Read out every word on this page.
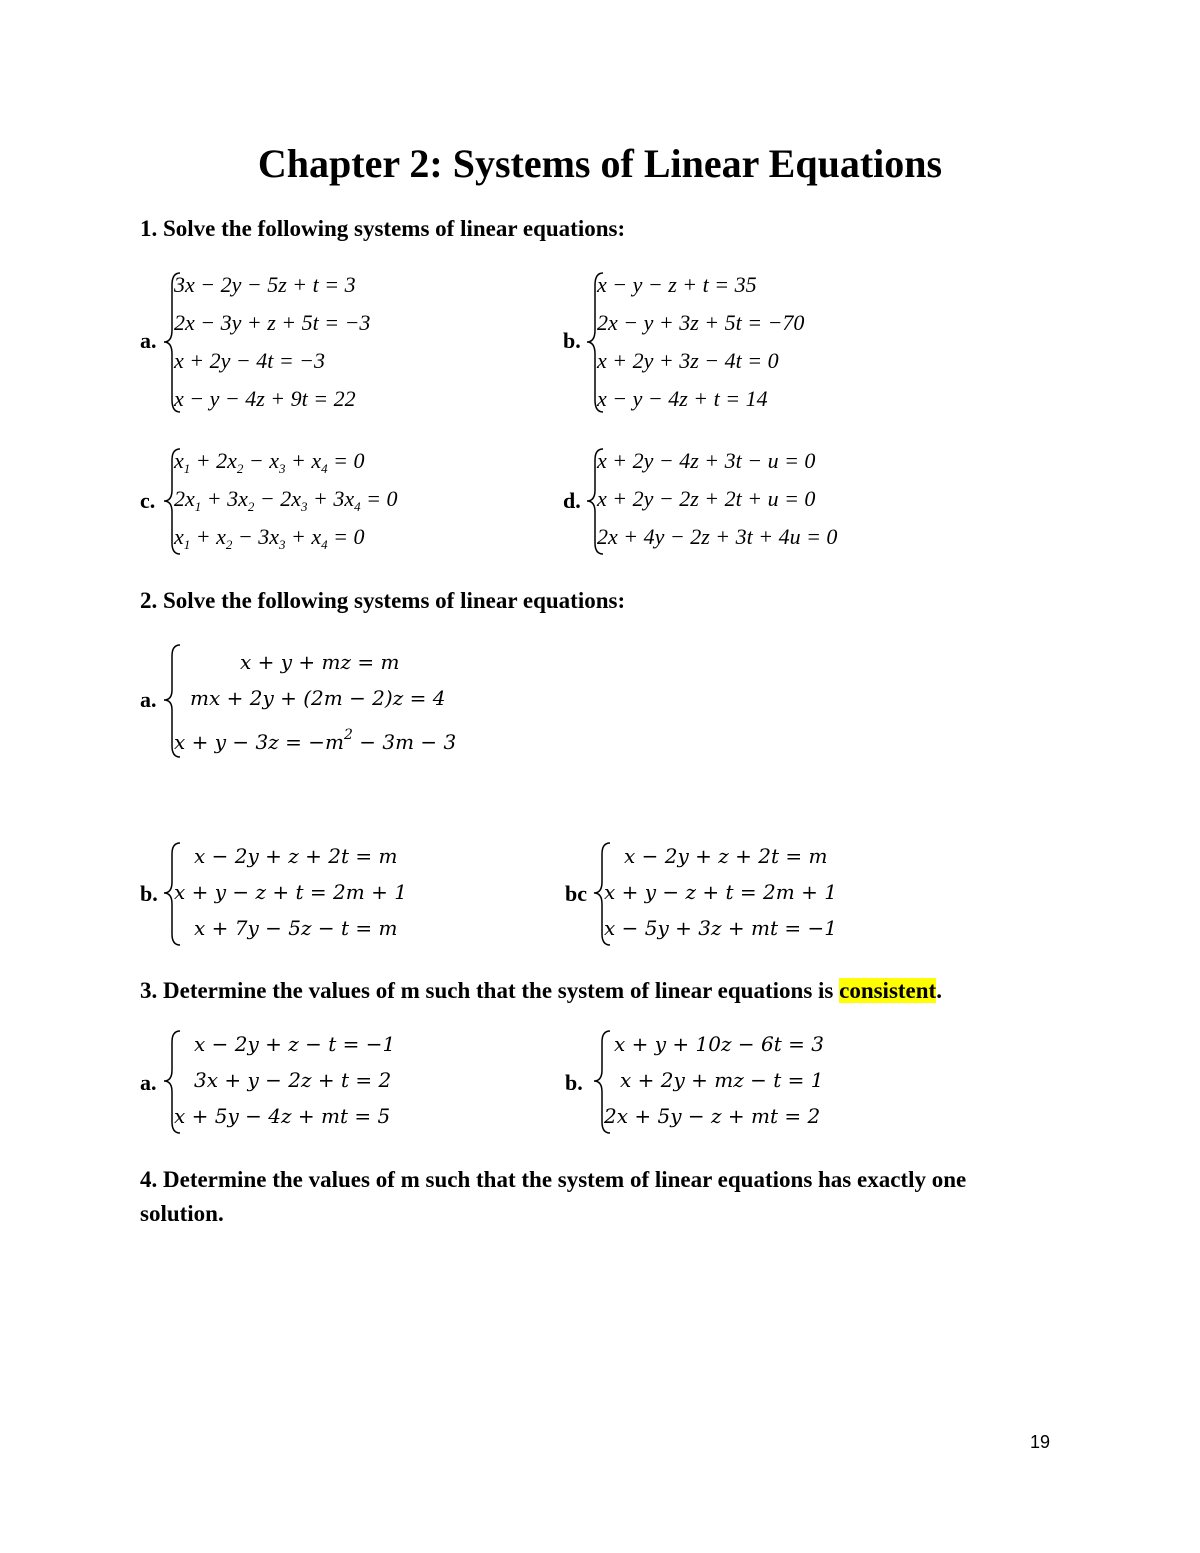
Chapter 2: Systems of Linear Equations
1. Solve the following systems of linear equations:
a.
3x − 2y − 5z + t = 3
2x − 3y + z + 5t = −3
x + 2y − 4t = −3
x − y − 4z + 9t = 22
b.
x − y − z + t = 35
2x − y + 3z + 5t = −70
x + 2y + 3z − 4t = 0
x − y − 4z + t = 14
c.
$x_1 + 2x_2 - x_3 + x_4 = 0$
$2x_1 + 3x_2 - 2x_3 + 3x_4 = 0$
$x_1 + x_2 - 3x_3 + x_4 = 0$
d.
x + 2y − 4z + 3t − u = 0
x + 2y − 2z + 2t + u = 0
2x + 4y − 2z + 3t + 4u = 0
2. Solve the following systems of linear equations:
a.
x + y + mz = m
mx + 2y + (2m − 2)z = 4
$x + y - 3z = -m^2 - 3m - 3$
b.
x − 2y + z + 2t = m
x + y − z + t = 2m + 1
x + 7y − 5z − t = m
bc
x − 2y + z + 2t = m
x + y − z + t = 2m + 1
x − 5y + 3z + mt = −1
3. Determine the values of m such that the system of linear equations is consistent.
a.
x − 2y + z − t = −1
3x + y − 2z + t = 2
x + 5y − 4z + mt = 5
b.
x + y + 10z − 6t = 3
x + 2y + mz − t = 1
2x + 5y − z + mt = 2
4. Determine the values of m such that the system of linear equations has exactly one
solution.
19
